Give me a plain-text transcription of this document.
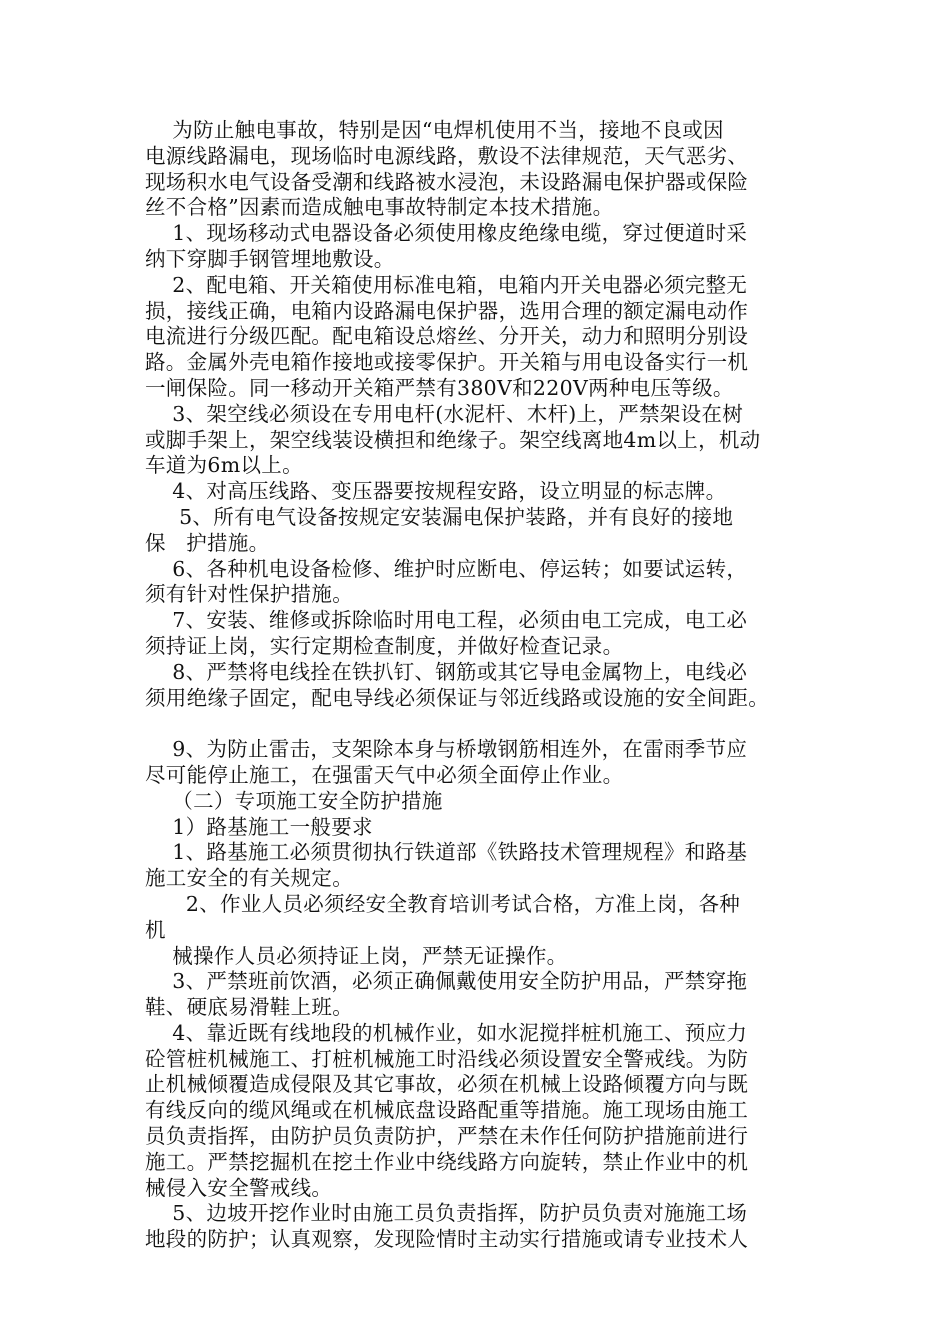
为防止触电事故，特别是因“电焊机使用不当，接地不良或因
电源线路漏电，现场临时电源线路，敷设不法律规范，天气恶劣、
现场积水电气设备受潮和线路被水浸泡，未设路漏电保护器或保险
丝不合格”因素而造成触电事故特制定本技术措施。
1、现场移动式电器设备必须使用橡皮绝缘电缆，穿过便道时采
纳下穿脚手钢管埋地敷设。
2、配电箱、开关箱使用标准电箱，电箱内开关电器必须完整无
损，接线正确，电箱内设路漏电保护器，选用合理的额定漏电动作
电流进行分级匹配。配电箱设总熔丝、分开关，动力和照明分别设
路。金属外壳电箱作接地或接零保护。开关箱与用电设备实行一机
一闸保险。同一移动开关箱严禁有380V和220V两种电压等级。
3、架空线必须设在专用电杆(水泥杆、木杆)上，严禁架设在树
或脚手架上，架空线装设横担和绝缘子。架空线离地4m以上，机动
车道为6m以上。
4、对高压线路、变压器要按规程安路，设立明显的标志牌。
5、所有电气设备按规定安装漏电保护装路，并有良好的接地
保   护措施。
6、各种机电设备检修、维护时应断电、停运转；如要试运转，
须有针对性保护措施。
7、安装、维修或拆除临时用电工程，必须由电工完成，电工必
须持证上岗，实行定期检查制度，并做好检查记录。
8、严禁将电线拴在铁扒钉、钢筋或其它导电金属物上，电线必
须用绝缘子固定，配电导线必须保证与邻近线路或设施的安全间距。
9、为防止雷击，支架除本身与桥墩钢筋相连外，在雷雨季节应
尽可能停止施工，在强雷天气中必须全面停止作业。
（二）专项施工安全防护措施
1）路基施工一般要求
1、路基施工必须贯彻执行铁道部《铁路技术管理规程》和路基
施工安全的有关规定。
2、作业人员必须经安全教育培训考试合格，方准上岗，各种
机
械操作人员必须持证上岗，严禁无证操作。
3、严禁班前饮酒，必须正确佩戴使用安全防护用品，严禁穿拖
鞋、硬底易滑鞋上班。
4、靠近既有线地段的机械作业，如水泥搅拌桩机施工、预应力
砼管桩机械施工、打桩机械施工时沿线必须设置安全警戒线。为防
止机械倾覆造成侵限及其它事故，必须在机械上设路倾覆方向与既
有线反向的缆风绳或在机械底盘设路配重等措施。施工现场由施工
员负责指挥，由防护员负责防护，严禁在未作任何防护措施前进行
施工。严禁挖掘机在挖土作业中绕线路方向旋转，禁止作业中的机
械侵入安全警戒线。
5、边坡开挖作业时由施工员负责指挥，防护员负责对施施工场
地段的防护；认真观察，发现险情时主动实行措施或请专业技术人
